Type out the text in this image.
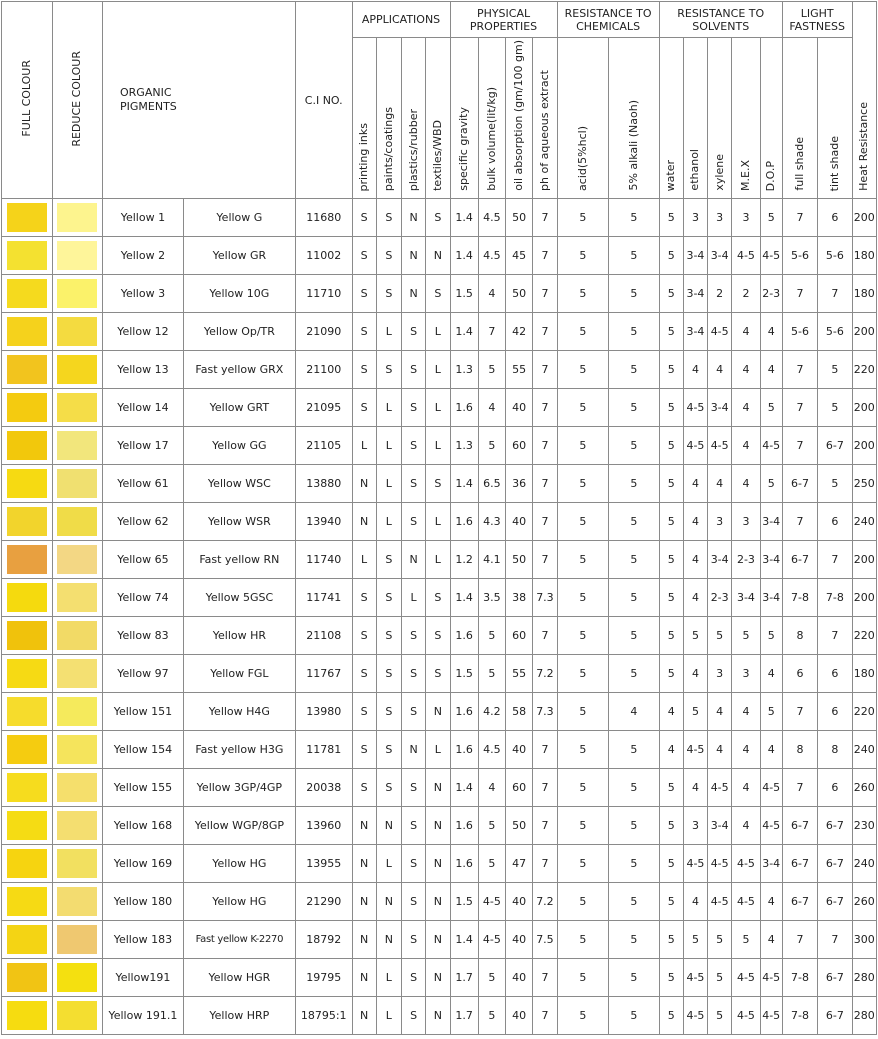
FULL COLOUR	REDUCE COLOUR	ORGANIC PIGMENTS		C.I NO.	APPLICATIONS				PHYSICAL PROPERTIES				RESISTANCE TO CHEMICALS		RESISTANCE TO SOLVENTS					LIGHT FASTNESS		Heat Resistance
					printing inks	paints/coatings	plastics/rubber	textiles/WBD	specific gravity	bulk volume(lit/kg)	oil absorption (gm/100 gm)	ph of aqueous extract	acid(5%hcl)	5% alkali (Naoh)	water	ethanol	xylene	M.E.X	D.O.P	full shade	tint shade	

	Yellow 1	Yellow G	11680	S	S	N	S	1.4	4.5	50	7	5	5	5	3	3	3	5	7	6	200

	Yellow 2	Yellow GR	11002	S	S	N	N	1.4	4.5	45	7	5	5	5	3-4	3-4	4-5	4-5	5-6	5-6	180

	Yellow 3	Yellow 10G	11710	S	S	N	S	1.5	4	50	7	5	5	5	3-4	2	2	2-3	7	7	180

	Yellow 12	Yellow Op/TR	21090	S	L	S	L	1.4	7	42	7	5	5	5	3-4	4-5	4	4	5-6	5-6	200

	Yellow 13	Fast yellow GRX	21100	S	S	S	L	1.3	5	55	7	5	5	5	4	4	4	4	7	5	220

	Yellow 14	Yellow GRT	21095	S	L	S	L	1.6	4	40	7	5	5	5	4-5	3-4	4	5	7	5	200

	Yellow 17	Yellow GG	21105	L	L	S	L	1.3	5	60	7	5	5	5	4-5	4-5	4	4-5	7	6-7	200

	Yellow 61	Yellow WSC	13880	N	L	S	S	1.4	6.5	36	7	5	5	5	4	4	4	5	6-7	5	250

	Yellow 62	Yellow WSR	13940	N	L	S	L	1.6	4.3	40	7	5	5	5	4	3	3	3-4	7	6	240

	Yellow 65	Fast yellow RN	11740	L	S	N	L	1.2	4.1	50	7	5	5	5	4	3-4	2-3	3-4	6-7	7	200

	Yellow 74	Yellow 5GSC	11741	S	S	L	S	1.4	3.5	38	7.3	5	5	5	4	2-3	3-4	3-4	7-8	7-8	200

	Yellow 83	Yellow HR	21108	S	S	S	S	1.6	5	60	7	5	5	5	5	5	5	5	8	7	220

	Yellow 97	Yellow FGL	11767	S	S	S	S	1.5	5	55	7.2	5	5	5	4	3	3	4	6	6	180

	Yellow 151	Yellow H4G	13980	S	S	S	N	1.6	4.2	58	7.3	5	4	4	5	4	4	5	7	6	220

	Yellow 154	Fast yellow H3G	11781	S	S	N	L	1.6	4.5	40	7	5	5	4	4-5	4	4	4	8	8	240

	Yellow 155	Yellow 3GP/4GP	20038	S	S	S	N	1.4	4	60	7	5	5	5	4	4-5	4	4-5	7	6	260

	Yellow 168	Yellow WGP/8GP	13960	N	N	S	N	1.6	5	50	7	5	5	5	3	3-4	4	4-5	6-7	6-7	230

	Yellow 169	Yellow HG	13955	N	L	S	N	1.6	5	47	7	5	5	5	4-5	4-5	4-5	3-4	6-7	6-7	240

	Yellow 180	Yellow HG	21290	N	N	S	N	1.5	4-5	40	7.2	5	5	5	4	4-5	4-5	4	6-7	6-7	260

	Yellow 183	Fast yellow K-2270	18792	N	N	S	N	1.4	4-5	40	7.5	5	5	5	5	5	5	4	7	7	300

	Yellow191	Yellow HGR	19795	N	L	S	N	1.7	5	40	7	5	5	5	4-5	5	4-5	4-5	7-8	6-7	280

	Yellow 191.1	Yellow HRP	18795:1	N	L	S	N	1.7	5	40	7	5	5	5	4-5	5	4-5	4-5	7-8	6-7	280
